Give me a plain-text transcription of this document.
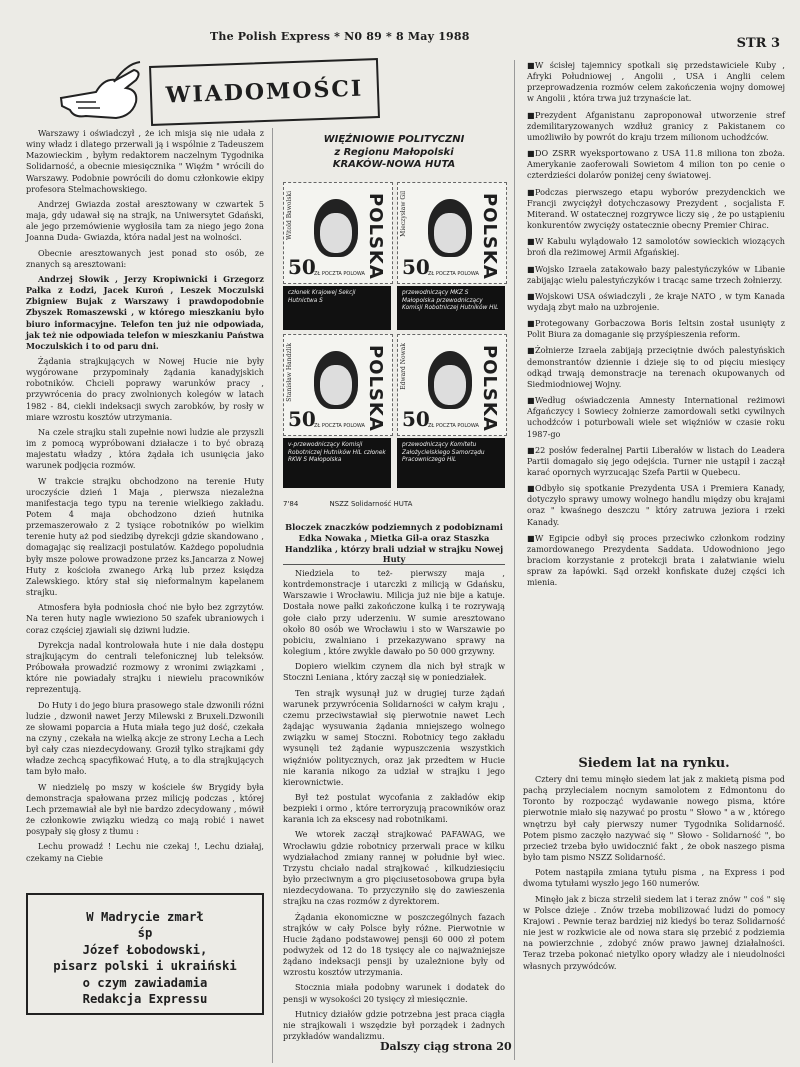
The Polish Express * N0 89 * 8 May 1988	STR 3
WIADOMOŚCI

Warszawy i oświadczył , że ich misja się nie udała z winy władz i dlatego przerwali ją i wspólnie z Tadeuszem Mazowieckim , byłym redaktorem naczelnym Tygodnika Solidarność, a obecnie miesięcznika " Więźm " wrócili do Warszawy. Podobnie powrócili do domu członkowie ekipy profesora Stelmachowskiego.

Andrzej Gwiazda został aresztowany w czwartek 5 maja, gdy udawał się na strajk, na Uniwersytet Gdański, ale jego przemówienie wygłosiła tam za niego jego żona Joanna Duda- Gwiazda, która nadal jest na wolności.

Obecnie aresztowanych jest ponad sto osób, ze znanych są aresztowani:

Andrzej Słowik , Jerzy Kropiwnicki i Grzegorz Pałka z Łodzi, Jacek Kuroń , Leszek Moczulski Zbigniew Bujak z Warszawy i prawdopodobnie Zbyszek Romaszewski , w którego mieszkaniu było biuro informacyjne. Telefon ten już nie odpowiada, jak też nie odpowiada telefon w mieszkaniu Państwa Moczulskich i to od paru dni.

Żądania strajkujących w Nowej Hucie nie były wygórowane przypominały żądania kanadyjskich robotników. Chcieli poprawy warunków pracy , przywrócenia do pracy zwolnionych kolegów w latach 1982 - 84, ciekli indeksacji swych zarobków, by rosły w miare wzrostu kosztów utrzymania.

Na czele strajku stali zupełnie nowi ludzie ale przyszli im z pomocą wypróbowani działacze i to być obrazą majestatu władzy , która żądała ich usunięcia jako warunek podjęcia rozmów.

W trakcie strajku obchodzono na terenie Huty uroczyście dzień 1 Maja , pierwsza niezależna manifestacja tego typu na terenie wielkiego zakładu. Potem 4 maja obchodzono dzień hutnika przemaszerowało z 2 tysiące robotników po wielkim terenie huty aż pod siedzibę dyrekcji gdzie skandowano , domagając się realizacji postulatów. Każdego popoludnia były msze polowe prowadzone przez ks.Jancarza z Nowej Huty z kościoła zwanego Arką lub przez księdza Zalewskiego. który stał się nieformalnym kapelanem strajku.

Atmosfera była podniosła choć nie było bez zgrzytów. Na teren huty nagle wwieziono 50 szafek ubraniowych i coraz częściej zjawiali się dziwni ludzie.

Dyrekcja nadal kontrolowała hute i nie dała dostępu strajkującym do centrali telefonicznej lub teleksów. Próbowała prowadzić rozmowy z wronimi związkami , które nie powiadały strajku i niewielu pracowników reprezentują.

Do Huty i do jego biura prasowego stale dzwonili różni ludzie , dzwonił nawet Jerzy Milewski z Bruxeli.Dzwonili ze słowami poparcia a Huta miała tego już dość, czekała na czyny , czekała na wielką akcje ze strony Lecha a Lech był cały czas niezdecydowany. Groził tylko strajkami gdy władze zechcą spacyfikować Hutę, a to dla strajkujących tam było mało.

W niedzielę po mszy w kościele św Brygidy była demonstracja spałowana przez milicję podczas , której Lech przemawiał ale był nie bardzo zdecydowany , mówił że członkowie związku wiedzą co mają robić i nawet posypały się głosy z tłumu :

Lechu prowadź ! Lechu nie czekaj !, Lechu działaj, czekamy na Ciebie

W Madrycie zmarł
śp
Józef Łobodowski,
pisarz polski i ukraiński
o czym zawiadamia
Redakcja Expressu
WIĘŹNIOWIE POLITYCZNI
z Regionu Małopolski
KRAKÓW-NOWA HUTA
Witold Bawolski	POLSKA
50
ZŁ POCZTA POLOWA
Mieczysław Gil	POLSKA
50
ZŁ POCZTA POLOWA
członek Krajowej Sekcji Hutnictwa S
przewodniczący MKZ S Małopolska przewodniczący Komisji Robotniczej Hutników HiL
Stanisław Handzlik	POLSKA
50
ZŁ POCZTA POLOWA
Edward Nowak	POLSKA
50
ZŁ POCZTA POLOWA
v-przewodniczący Komisji Robotniczej Hutników HiL członek RKW S Małopolska
przewodniczący Komitetu Założycielskiego Samorządu Pracowniczego HiL
7'84	NSZZ Solidarność HUTA
Bloczek znaczków podziemnych z podobiznami Edka Nowaka , Mietka Gil-a oraz Staszka Handzlika , którzy brali udział w strajku Nowej Huty

Niedziela to też- pierwszy maja , kontrdemonstracje i utarczki z milicją w Gdańsku, Warszawie i Wrocławiu. Milicja już nie bije a katuje. Dostała nowe pałki zakończone kulką i te rozrywają gołe ciało przy uderzeniu. W sumie aresztowano około 80 osób we Wrocławiu i sto w Warszawie po pobiciu, zwalniano i przekazywano sprawy na kolegium , które zwykle dawało po 50 000 grzywny.

Dopiero wielkim czynem dla nich był strajk w Stoczni Leniana , który zaczął się w poniedziałek.

Ten strajk wysunął już w drugiej turze żądań warunek przywrócenia Solidarności w całym kraju , czemu przeciwstawiał się pierwotnie nawet Lech żądając wysuwania żądania mniejszego wolnego związku w samej Stoczni. Robotnicy tego zakładu wysunęli też żądanie wypuszczenia wszystkich więźniów politycznych, oraz jak przedtem w Hucie nie karania nikogo za udział w strajku i jego kierownictwie.

Był też postulat wycofania z zakładów ekip bezpieki i ormo , które terroryzują pracowników oraz karania ich za ekscesy nad robotnikami.

We wtorek zaczął strajkować PAFAWAG, we Wrocławiu gdzie robotnicy przerwali prace w kilku wydziałachod zmiany rannej w południe był wiec. Trzystu chciało nadal strajkować , kilkudziesięciu było przeciwnym a gro pięciusetosobowa grupa była niezdecydowana. To przyczyniło się do zawieszenia strajku na czas rozmów z dyrektorem.

Żądania ekonomiczne w poszczególnych fazach strajków w cały Polsce były różne. Pierwotnie w Hucie żądano podstawowej pensji 60 000 zł potem podwyżek od 12 do 18 tysięcy ale co najważniejsze żądano indeksacji pensji by uzależnione były od wzrostu kosztów utrzymania.

Stocznia miała podobny warunek i dodatek do pensji w wysokości 20 tysięcy zł miesięcznie.

Hutnicy działów gdzie potrzebna jest praca ciągła nie strajkowali i wszędzie był porządek i żadnych przykładów wandalizmu.

■W ścisłej tajemnicy spotkali się przedstawiciele Kuby , Afryki Południowej , Angolii , USA i Anglii celem przeprowadzenia rozmów celem zakończenia wojny domowej w Angolii , która trwa już trzynaście lat.

■Prezydent Afganistanu zaproponował utworzenie stref zdemilitaryzowanych wzdłuż granicy z Pakistanem co umożliwiło by powrót do kraju trzem milionom uchodźców.

■DO ZSRR wyeksportowano z USA 11.8 miliona ton zboża. Amerykanie zaoferowali Sowietom 4 milion ton po cenie o czterdzieści dolarów poniżej ceny światowej.

■Podczas pierwszego etapu wyborów prezydenckich we Francji zwyciężył dotychczasowy Prezydent , socjalista F. Miterand. W ostatecznej rozgrywce liczy się , że po ustąpieniu konkurentów zwycięży ostatecznie obecny Premier Chirac.

■W Kabulu wylądowało 12 samolotów sowieckich wiozących broń dla reżimowej Armii Afgańskiej.

■Wojsko Izraela zatakowało bazy palestyńczyków w Libanie zabijając wielu palestyńczyków i tracąc same trzech żołnierzy.

■Wojskowi USA oświadczyli , że kraje NATO , w tym Kanada wydają zbyt mało na uzbrojenie.

■Protegowany Gorbaczowa Boris Ieltsin został usunięty z Polit Biura za domaganie się przyśpieszenia reform.

■Żołnierze Izraela zabijają przeciętnie dwóch palestyńskich demonstrantów dziennie i dzieje się to od pięciu miesięcy odkąd trwają demonstracje na terenach okupowanych od Siedmiodniowej Wojny.

■Według oświadczenia Amnesty International reżimowi Afgańczycy i Sowiecy żołnierze zamordowali setki cywilnych uchodźców i poturbowali wiele set więźniów w czasie roku 1987-go

■22 posłów federalnej Partii Liberałów w listach do Leadera Partii domagało się jego odejścia. Turner nie ustąpił i zaczął karać opornych wyrzucając Szefa Partii w Quebecu.

■Odbyło się spotkanie Prezydenta USA i Premiera Kanady, dotyczyło sprawy umowy wolnego handlu między obu krajami oraz " kwaśnego deszczu " który zatruwa jeziora i rzeki Kanady.

■W Egipcie odbył się proces przeciwko członkom rodziny zamordowanego Prezydenta Saddata. Udowodniono jego braciom korzystanie z protekcji brata i załatwianie wielu spraw za łapówki. Sąd orzekł konfiskate dużej części ich mienia.

Siedem lat na rynku.

Cztery dni temu minęło siedem lat jak z makietą pisma pod pachą przylecialem nocnym samolotem z Edmontonu do Toronto by rozpocząć wydawanie nowego pisma, które pierwotnie miało się nazywać po prostu " Słowo " a w , którego wnętrzu był cały pierwszy numer Tygodnika Solidarność. Potem pismo zaczęło nazywać się " Słowo - Solidarność ", bo przecież trzeba było uwidocznić fakt , że obok naszego pisma było tam pismo NSZZ Solidarność.

Potem nastąpiła zmiana tytułu pisma , na Express i pod dwoma tytułami wyszło jego 160 numerów.

Minęło jak z bicza strzelił siedem lat i teraz znów " coś " się w Polsce dzieje . Znów trzeba mobilizować ludzi do pomocy Krajowi . Pewnie teraz bardziej niż kiedyś bo teraz Solidarność nie jest w rozkwicie ale od nowa stara się przebić z podziemia na powierzchnie , zdobyć znów prawo jawnej działalności. Teraz trzeba pokonać nietylko opory władzy ale i nieudolności własnych przywódców.

Dalszy ciąg strona 20
